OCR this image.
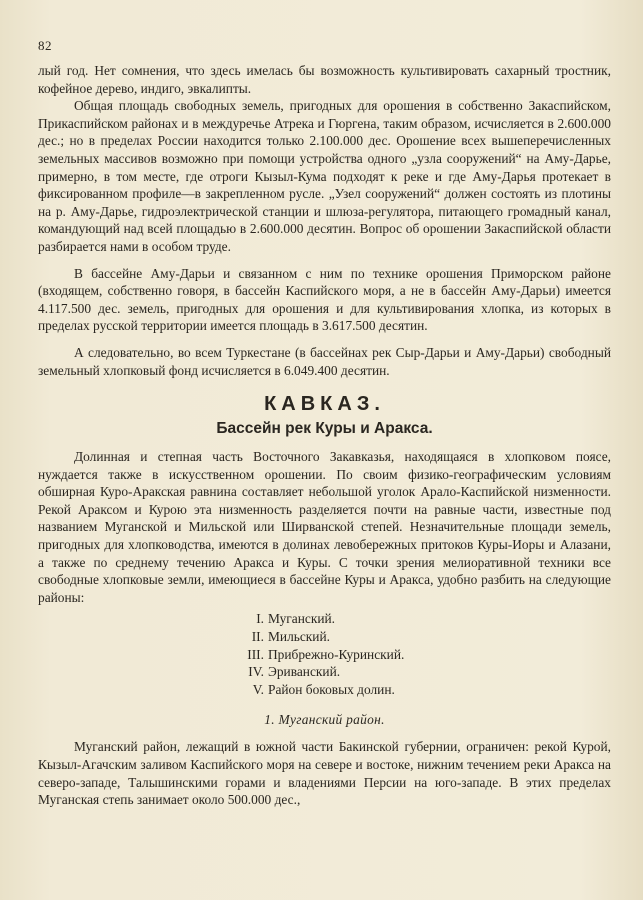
82

лый год. Нет сомнения, что здесь имелась бы возможность культивировать сахарный тростник, кофейное дерево, индиго, эвкалипты.

Общая площадь свободных земель, пригодных для орошения в собственно Закаспийском, Прикаспийском районах и в междуречье Атрека и Гюргена, таким образом, исчисляется в 2.600.000 дес.; но в пределах России находится только 2.100.000 дес. Орошение всех вышеперечисленных земельных массивов возможно при помощи устройства одного „узла сооружений“ на Аму-Дарье, примерно, в том месте, где отроги Кызыл-Кума подходят к реке и где Аму-Дарья протекает в фиксированном профиле—в закрепленном русле. „Узел сооружений“ должен состоять из плотины на р. Аму-Дарье, гидроэлектрической станции и шлюза-регулятора, питающего громадный канал, командующий над всей площадью в 2.600.000 десятин. Вопрос об орошении Закаспийской области разбирается нами в особом труде.

В бассейне Аму-Дарьи и связанном с ним по технике орошения Приморском районе (входящем, собственно говоря, в бассейн Каспийского моря, а не в бассейн Аму-Дарьи) имеется 4.117.500 дес. земель, пригодных для орошения и для культивирования хлопка, из которых в пределах русской территории имеется площадь в 3.617.500 десятин.

А следовательно, во всем Туркестане (в бассейнах рек Сыр-Дарьи и Аму-Дарьи) свободный земельный хлопковый фонд исчисляется в 6.049.400 десятин.

КАВКАЗ.
Бассейн рек Куры и Аракса.

Долинная и степная часть Восточного Закавказья, находящаяся в хлопковом поясе, нуждается также в искусственном орошении. По своим физико-географическим условиям обширная Куро-Аракская равнина составляет небольшой уголок Арало-Каспийской низменности. Рекой Араксом и Курою эта низменность разделяется почти на равные части, известные под названием Муганской и Мильской или Ширванской степей. Незначительные площади земель, пригодных для хлопководства, имеются в долинах левобережных притоков Куры-Иоры и Алазани, а также по среднему течению Аракса и Куры. С точки зрения мелиоративной техники все свободные хлопковые земли, имеющиеся в бассейне Куры и Аракса, удобно разбить на следующие районы:

I. Муганский.
II. Мильский.
III. Прибрежно-Куринский.
IV. Эриванский.
V. Район боковых долин.
1. Муганский район.

Муганский район, лежащий в южной части Бакинской губернии, ограничен: рекой Курой, Кызыл-Агачским заливом Каспийского моря на севере и востоке, нижним течением реки Аракса на северо-западе, Талышинскими горами и владениями Персии на юго-западе. В этих пределах Муганская степь занимает около 500.000 дес.,
